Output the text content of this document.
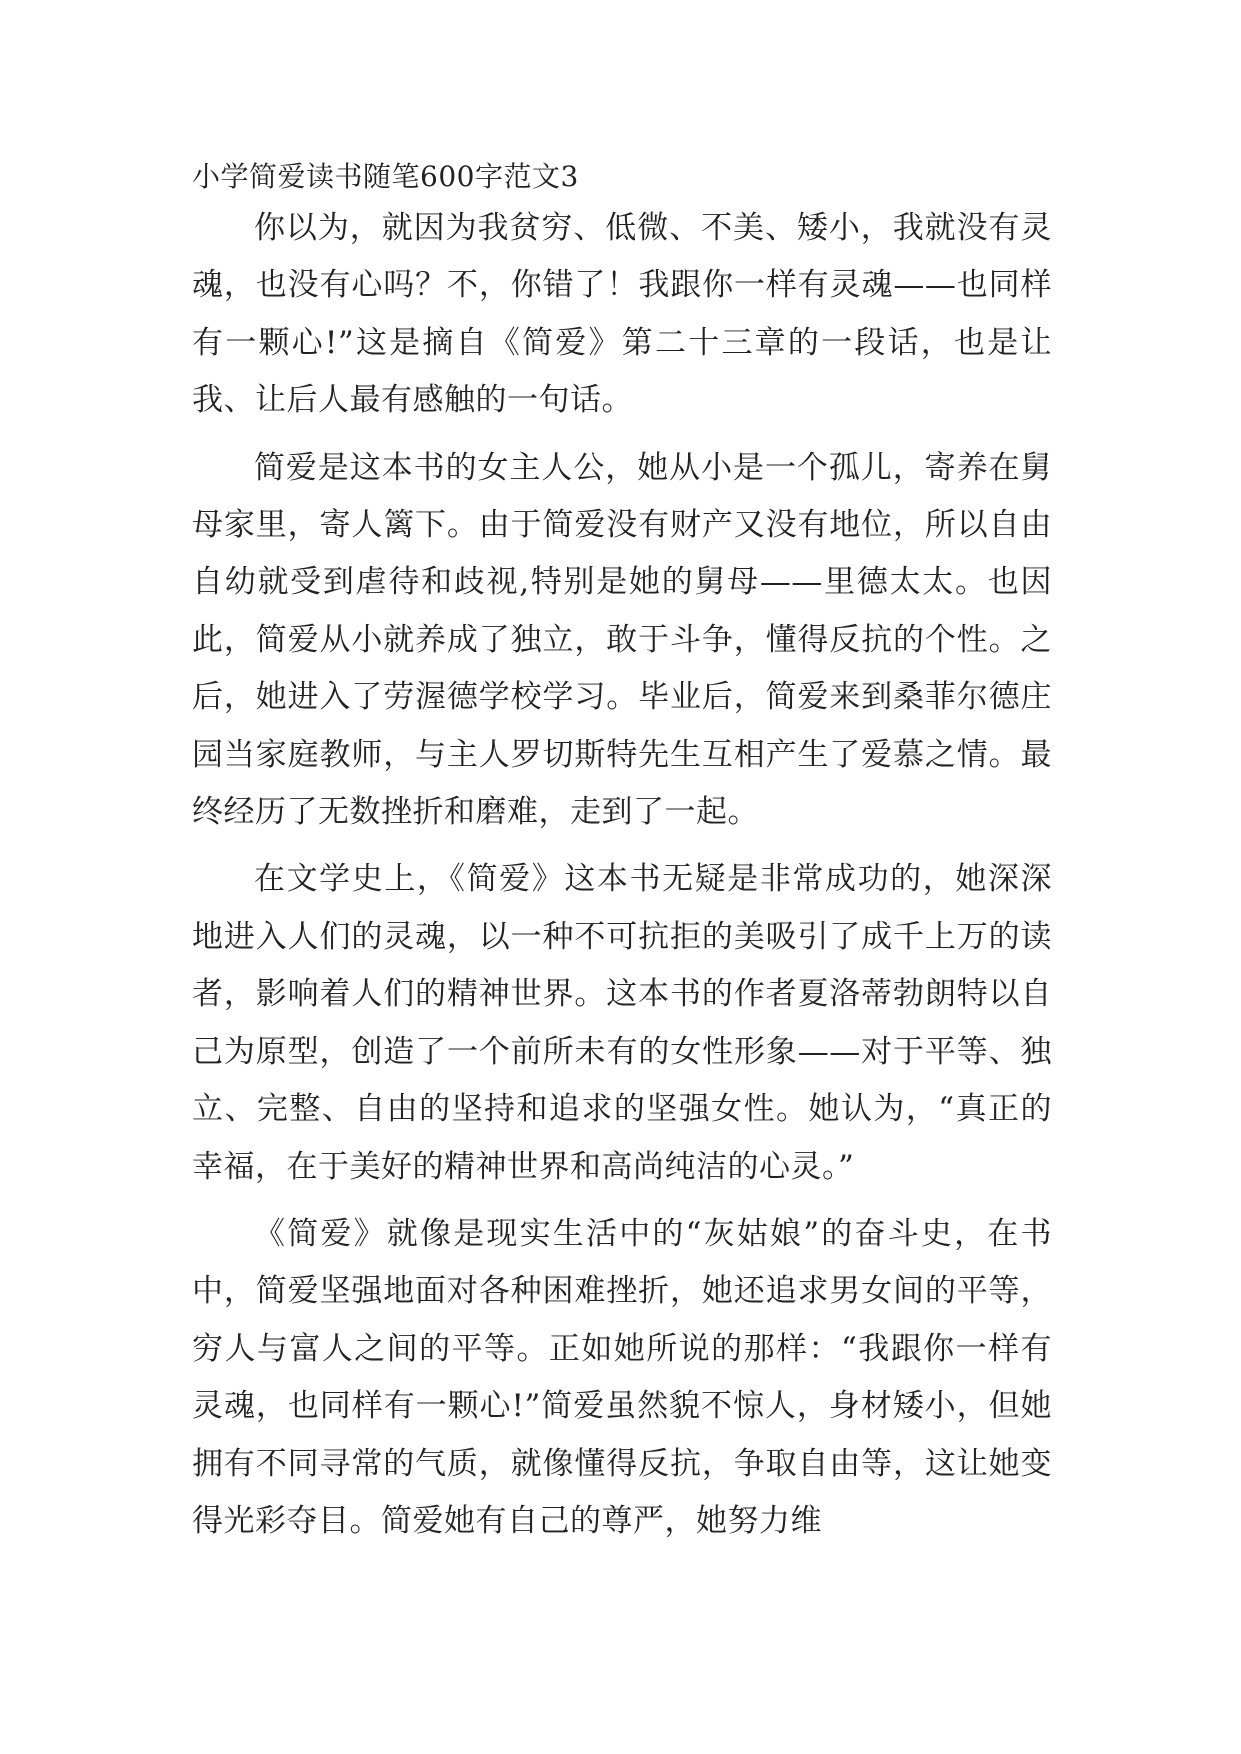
小学简爱读书随笔600字范文3

你以为，就因为我贫穷、低微、不美、矮小，我就没有灵魂，也没有心吗？不，你错了！我跟你一样有灵魂——也同样有一颗心!”这是摘自《简爱》第二十三章的一段话，也是让我、让后人最有感触的一句话。

简爱是这本书的女主人公，她从小是一个孤儿，寄养在舅母家里，寄人篱下。由于简爱没有财产又没有地位，所以自由自幼就受到虐待和歧视,特别是她的舅母——里德太太。也因此，简爱从小就养成了独立，敢于斗争，懂得反抗的个性。之后，她进入了劳渥德学校学习。毕业后，简爱来到桑菲尔德庄园当家庭教师，与主人罗切斯特先生互相产生了爱慕之情。最终经历了无数挫折和磨难，走到了一起。

在文学史上，《简爱》这本书无疑是非常成功的，她深深地进入人们的灵魂，以一种不可抗拒的美吸引了成千上万的读者，影响着人们的精神世界。这本书的作者夏洛蒂勃朗特以自己为原型，创造了一个前所未有的女性形象——对于平等、独立、完整、自由的坚持和追求的坚强女性。她认为，“真正的幸福，在于美好的精神世界和高尚纯洁的心灵。”

《简爱》就像是现实生活中的“灰姑娘”的奋斗史，在书中，简爱坚强地面对各种困难挫折，她还追求男女间的平等，穷人与富人之间的平等。正如她所说的那样：“我跟你一样有灵魂，也同样有一颗心!”简爱虽然貌不惊人，身材矮小，但她拥有不同寻常的气质，就像懂得反抗，争取自由等，这让她变得光彩夺目。简爱她有自己的尊严，她努力维
